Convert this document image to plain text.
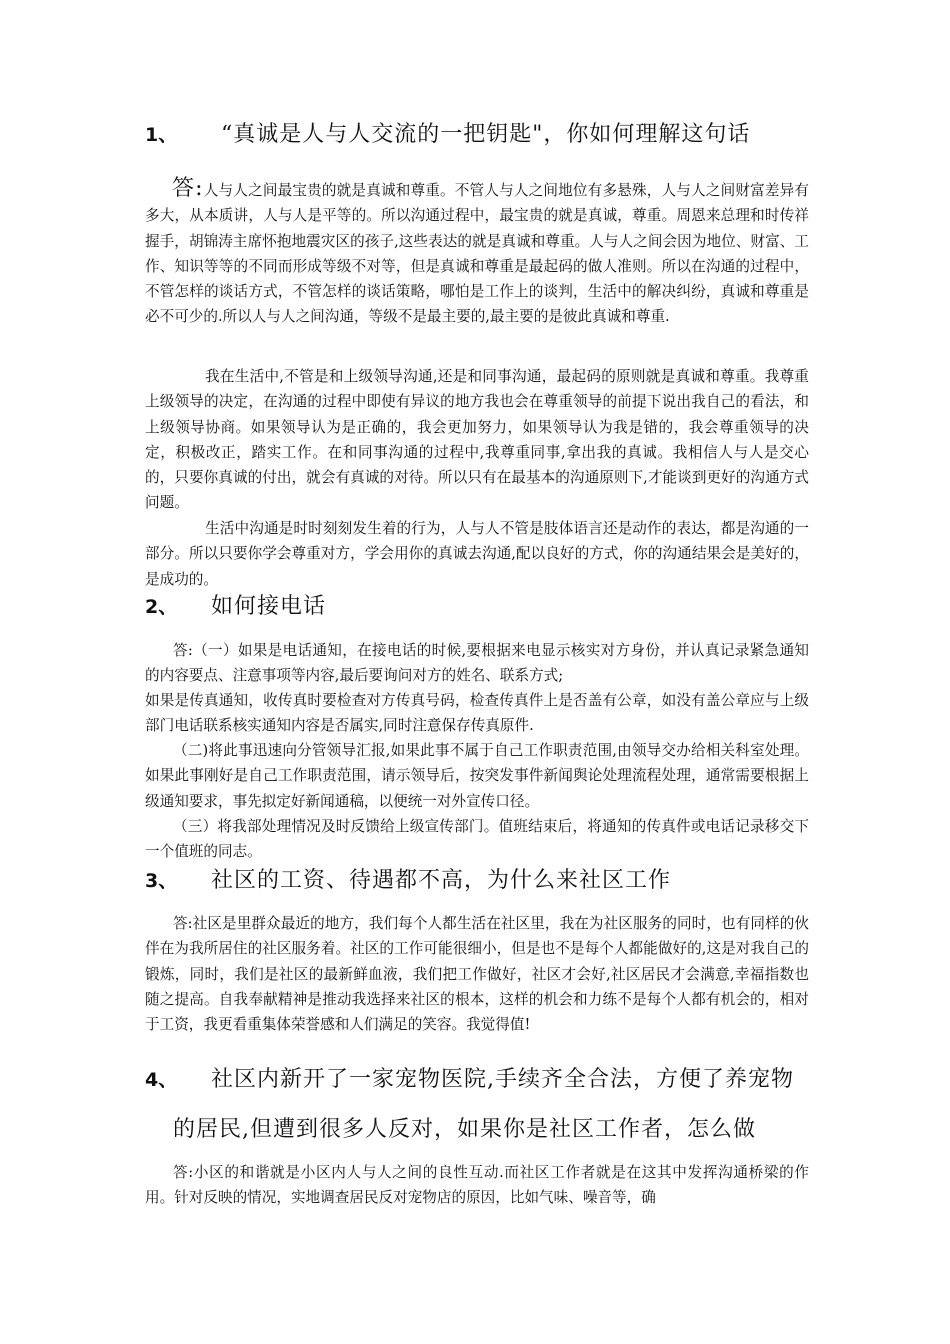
1、 “真诚是人与人交流的一把钥匙"，你如何理解这句话
答:人与人之间最宝贵的就是真诚和尊重。不管人与人之间地位有多悬殊，人与人之间财富差异有多大，从本质讲，人与人是平等的。所以沟通过程中，最宝贵的就是真诚，尊重。周恩来总理和时传祥握手，胡锦涛主席怀抱地震灾区的孩子,这些表达的就是真诚和尊重。人与人之间会因为地位、财富、工作、知识等等的不同而形成等级不对等，但是真诚和尊重是最起码的做人准则。所以在沟通的过程中，不管怎样的谈话方式，不管怎样的谈话策略，哪怕是工作上的谈判，生活中的解决纠纷，真诚和尊重是必不可少的.所以人与人之间沟通，等级不是最主要的,最主要的是彼此真诚和尊重.
我在生活中,不管是和上级领导沟通,还是和同事沟通，最起码的原则就是真诚和尊重。我尊重上级领导的决定，在沟通的过程中即使有异议的地方我也会在尊重领导的前提下说出我自己的看法，和上级领导协商。如果领导认为是正确的，我会更加努力，如果领导认为我是错的，我会尊重领导的决定，积极改正，踏实工作。在和同事沟通的过程中,我尊重同事,拿出我的真诚。我相信人与人是交心的，只要你真诚的付出，就会有真诚的对待。所以只有在最基本的沟通原则下,才能谈到更好的沟通方式问题。
生活中沟通是时时刻刻发生着的行为，人与人不管是肢体语言还是动作的表达，都是沟通的一部分。所以只要你学会尊重对方，学会用你的真诚去沟通,配以良好的方式，你的沟通结果会是美好的，是成功的。
2、 如何接电话
答:（一）如果是电话通知，在接电话的时候,要根据来电显示核实对方身份，并认真记录紧急通知的内容要点、注意事项等内容,最后要询问对方的姓名、联系方式;
如果是传真通知，收传真时要检查对方传真号码，检查传真件上是否盖有公章，如没有盖公章应与上级部门电话联系核实通知内容是否属实,同时注意保存传真原件.
（二)将此事迅速向分管领导汇报,如果此事不属于自己工作职责范围,由领导交办给相关科室处理。如果此事刚好是自己工作职责范围，请示领导后，按突发事件新闻舆论处理流程处理，通常需要根据上级通知要求，事先拟定好新闻通稿，以便统一对外宣传口径。
（三）将我部处理情况及时反馈给上级宣传部门。值班结束后，将通知的传真件或电话记录移交下一个值班的同志。
3、 社区的工资、待遇都不高，为什么来社区工作
答:社区是里群众最近的地方，我们每个人都生活在社区里，我在为社区服务的同时，也有同样的伙伴在为我所居住的社区服务着。社区的工作可能很细小，但是也不是每个人都能做好的,这是对我自己的锻炼，同时，我们是社区的最新鲜血液，我们把工作做好，社区才会好,社区居民才会满意,幸福指数也随之提高。自我奉献精神是推动我选择来社区的根本，这样的机会和力练不是每个人都有机会的，相对于工资，我更看重集体荣誉感和人们满足的笑容。我觉得值!
4、 社区内新开了一家宠物医院,手续齐全合法，方便了养宠物
的居民,但遭到很多人反对，如果你是社区工作者，怎么做
答:小区的和谐就是小区内人与人之间的良性互动.而社区工作者就是在这其中发挥沟通桥梁的作用。针对反映的情况，实地调查居民反对宠物店的原因，比如气味、噪音等，确
